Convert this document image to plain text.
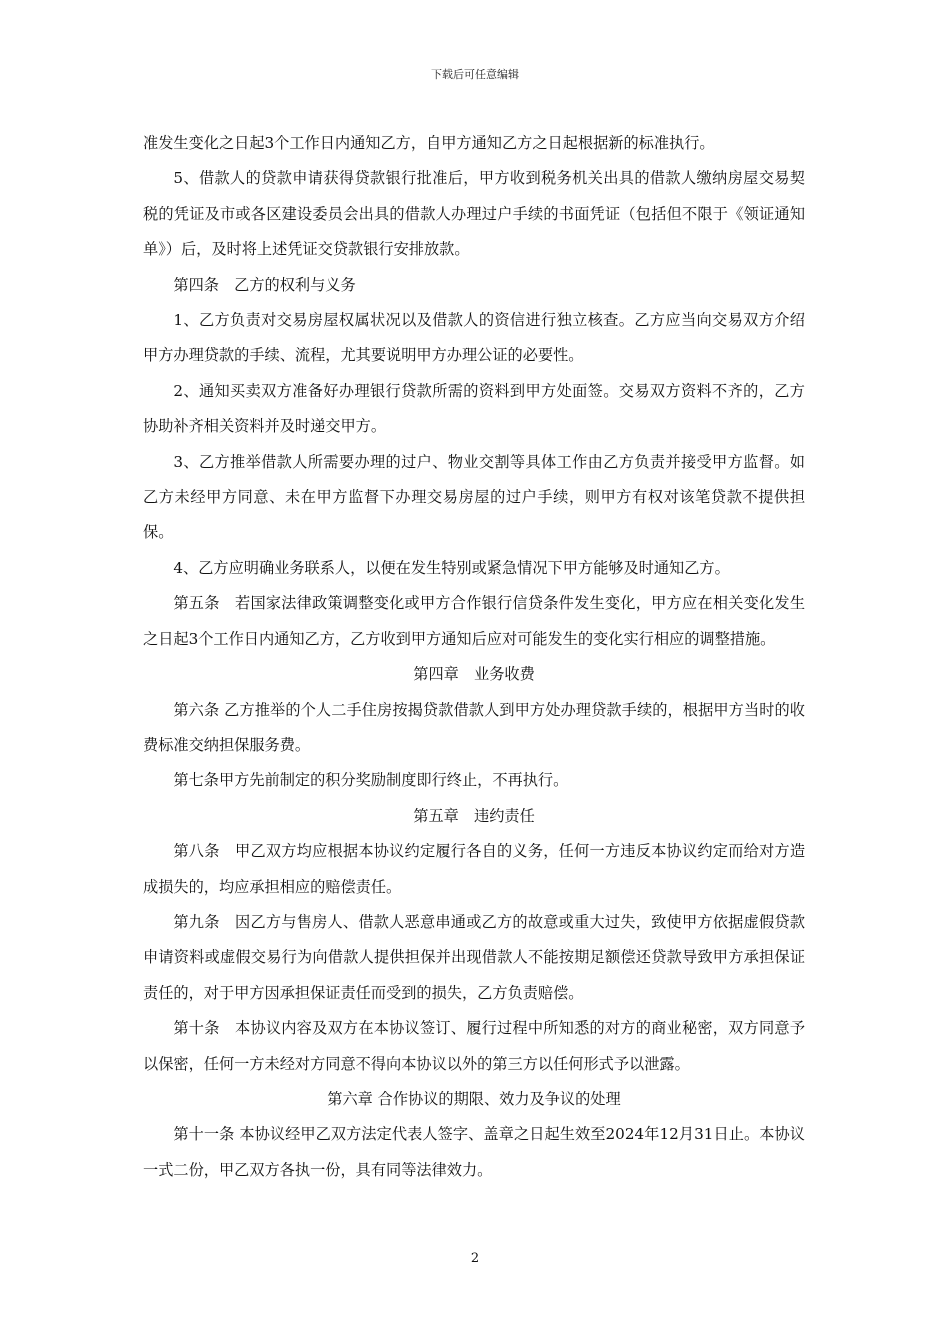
下载后可任意编辑

准发生变化之日起3个工作日内通知乙方，自甲方通知乙方之日起根据新的标准执行。

5、借款人的贷款申请获得贷款银行批准后，甲方收到税务机关出具的借款人缴纳房屋交易契税的凭证及市或各区建设委员会出具的借款人办理过户手续的书面凭证（包括但不限于《领证通知单》）后，及时将上述凭证交贷款银行安排放款。

第四条　乙方的权利与义务

1、乙方负责对交易房屋权属状况以及借款人的资信进行独立核查。乙方应当向交易双方介绍甲方办理贷款的手续、流程，尤其要说明甲方办理公证的必要性。

2、通知买卖双方准备好办理银行贷款所需的资料到甲方处面签。交易双方资料不齐的，乙方协助补齐相关资料并及时递交甲方。

3、乙方推举借款人所需要办理的过户、物业交割等具体工作由乙方负责并接受甲方监督。如乙方未经甲方同意、未在甲方监督下办理交易房屋的过户手续，则甲方有权对该笔贷款不提供担保。

4、乙方应明确业务联系人，以便在发生特别或紧急情况下甲方能够及时通知乙方。

第五条　若国家法律政策调整变化或甲方合作银行信贷条件发生变化，甲方应在相关变化发生之日起3个工作日内通知乙方，乙方收到甲方通知后应对可能发生的变化实行相应的调整措施。

第四章　业务收费

第六条 乙方推举的个人二手住房按揭贷款借款人到甲方处办理贷款手续的，根据甲方当时的收费标准交纳担保服务费。

第七条甲方先前制定的积分奖励制度即行终止，不再执行。

第五章　违约责任

第八条　甲乙双方均应根据本协议约定履行各自的义务，任何一方违反本协议约定而给对方造成损失的，均应承担相应的赔偿责任。

第九条　因乙方与售房人、借款人恶意串通或乙方的故意或重大过失，致使甲方依据虚假贷款申请资料或虚假交易行为向借款人提供担保并出现借款人不能按期足额偿还贷款导致甲方承担保证责任的，对于甲方因承担保证责任而受到的损失，乙方负责赔偿。

第十条　本协议内容及双方在本协议签订、履行过程中所知悉的对方的商业秘密，双方同意予以保密，任何一方未经对方同意不得向本协议以外的第三方以任何形式予以泄露。

第六章 合作协议的期限、效力及争议的处理

第十一条 本协议经甲乙双方法定代表人签字、盖章之日起生效至2024年12月31日止。本协议一式二份，甲乙双方各执一份，具有同等法律效力。

2
